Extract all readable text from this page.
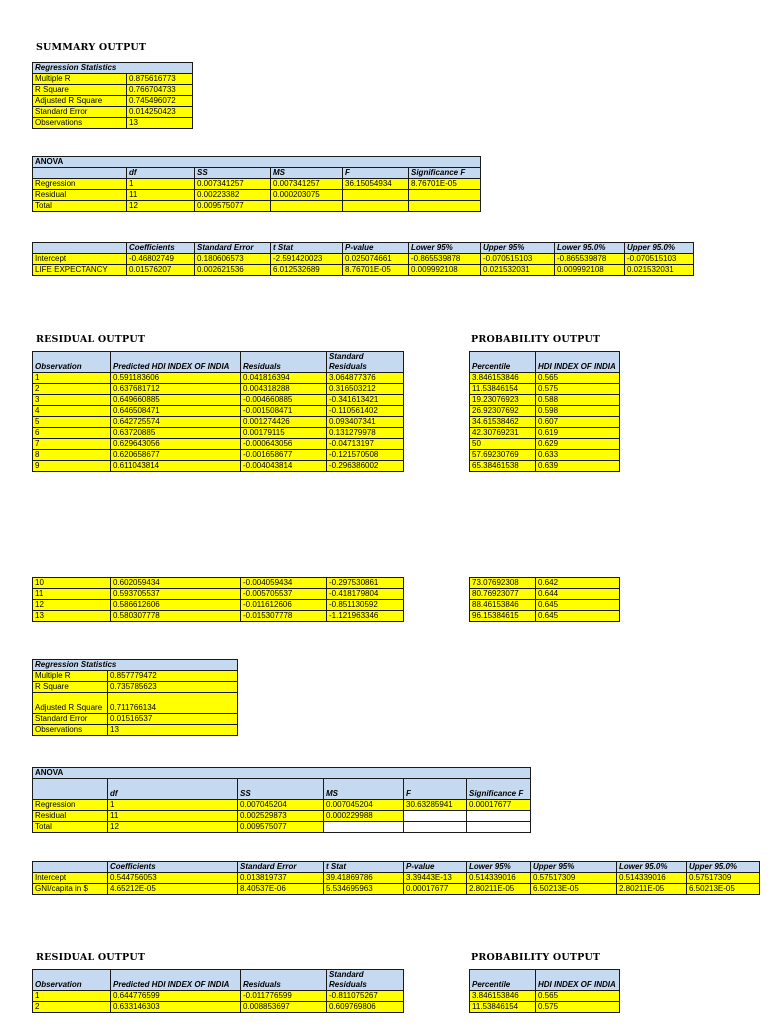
SUMMARY OUTPUT
RESIDUAL OUTPUT	PROBABILITY OUTPUT
RESIDUAL OUTPUT	PROBABILITY OUTPUT
Regression Statistics	
Multiple R	0.875616773
R Square	0.766704733
Adjusted R Square	0.745496072
Standard Error	0.014250423
Observations	13
ANOVA					
	df	SS	MS	F	Significance F
Regression	1	0.007341257	0.007341257	36.15054934	8.76701E-05
Residual	11	0.00223382	0.000203075		
Total	12	0.009575077			
	Coefficients	Standard Error	t Stat	P-value	Lower 95%	Upper 95%	Lower 95.0%	Upper 95.0%
Intercept	-0.46802749	0.180606573	-2.591420023	0.025074661	-0.865539878	-0.070515103	-0.865539878	-0.070515103
LIFE EXPECTANCY	0.01576207	0.002621536	6.012532689	8.76701E-05	0.009992108	0.021532031	0.009992108	0.021532031
Observation	Predicted HDI INDEX OF INDIA	Residuals	Standard Residuals
1	0.591183606	0.041816394	3.064877376
2	0.637681712	0.004318288	0.316503212
3	0.649660885	-0.004660885	-0.341613421
4	0.646508471	-0.001508471	-0.110561402
5	0.642725574	0.001274426	0.093407341
6	0.63720885	0.00179115	0.131279978
7	0.629643056	-0.000643056	-0.04713197
8	0.620658677	-0.001658677	-0.121570508
9	0.611043814	-0.004043814	-0.296386002
Percentile	HDI INDEX OF INDIA
3.846153846	0.565
11.53846154	0.575
19.23076923	0.588
26.92307692	0.598
34.61538462	0.607
42.30769231	0.619
50	0.629
57.69230769	0.633
65.38461538	0.639
10	0.602059434	-0.004059434	-0.297530861
11	0.593705537	-0.005705537	-0.418179804
12	0.586612606	-0.011612606	-0.851130592
13	0.580307778	-0.015307778	-1.121963346
73.07692308	0.642
80.76923077	0.644
88.46153846	0.645
96.15384615	0.645
Regression Statistics	
Multiple R	0.857779472
R Square	0.735785623
Adjusted R Square	0.711766134
Standard Error	0.01516537
Observations	13
ANOVA					
	df	SS	MS	F	Significance F
Regression	1	0.007045204	0.007045204	30.63285941	0.00017677
Residual	11	0.002529873	0.000229988		
Total	12	0.009575077			
	Coefficients	Standard Error	t Stat	P-value	Lower 95%	Upper 95%	Lower 95.0%	Upper 95.0%
Intercept	0.544756053	0.013819737	39.41869786	3.39443E-13	0.514339016	0.57517309	0.514339016	0.57517309
GNI/capita in $	4.65212E-05	8.40537E-06	5.534695963	0.00017677	2.80211E-05	6.50213E-05	2.80211E-05	6.50213E-05
Observation	Predicted HDI INDEX OF INDIA	Residuals	Standard Residuals
1	0.644776599	-0.011776599	-0.811075267
2	0.633146303	0.008853697	0.609769806
Percentile	HDI INDEX OF INDIA
3.846153846	0.565
11.53846154	0.575
